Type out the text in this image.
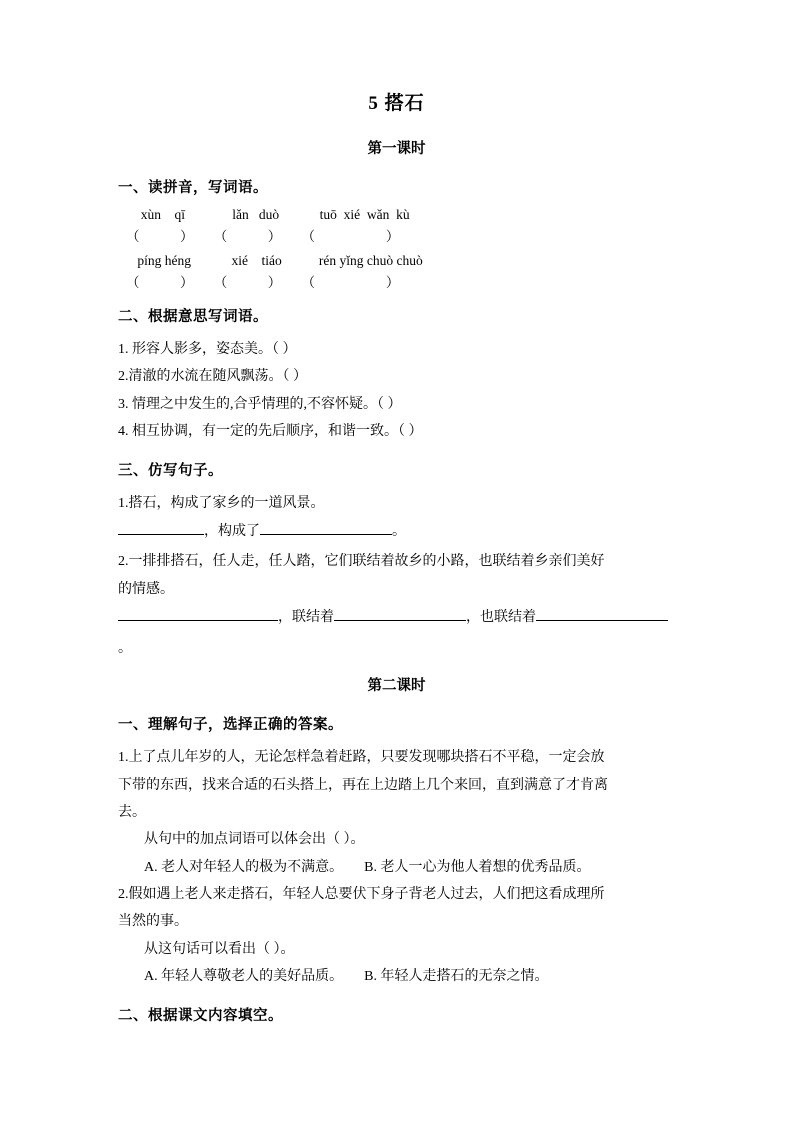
5 搭石
第一课时
一、读拼音，写词语。
xùn    qī              lǎn   duò            tuō  xié  wǎn  kù
（            ）      （            ）      （                     ）
píng héng            xié    tiáo           rén yǐng chuò chuò
（            ）      （            ）      （                     ）
二、根据意思写词语。

1. 形容人影多，姿态美。（ ）

2.清澈的水流在随风飘荡。（ ）

3. 情理之中发生的,合乎情理的,不容怀疑。（ ）

4. 相互协调，有一定的先后顺序，和谐一致。（ ）

三、仿写句子。

1.搭石，构成了家乡的一道风景。

，构成了	。

2.一排排搭石，任人走，任人踏，它们联结着故乡的小路，也联结着乡亲们美好

的情感。

，联结着	，也联结着。

第二课时
一、理解句子，选择正确的答案。

1.上了点儿年岁的人，无论怎样急着赶路，只要发现哪块搭石不平稳，一定会放

下带的东西，找来合适的石头搭上，再在上边踏上几个来回，直到满意了才肯离

去。

从句中的加点词语可以体会出（ ）。

A. 老人对年轻人的极为不满意。 B. 老人一心为他人着想的优秀品质。

2.假如遇上老人来走搭石，年轻人总要伏下身子背老人过去，人们把这看成理所

当然的事。

从这句话可以看出（ ）。

A. 年轻人尊敬老人的美好品质。 B. 年轻人走搭石的无奈之情。

二、根据课文内容填空。
